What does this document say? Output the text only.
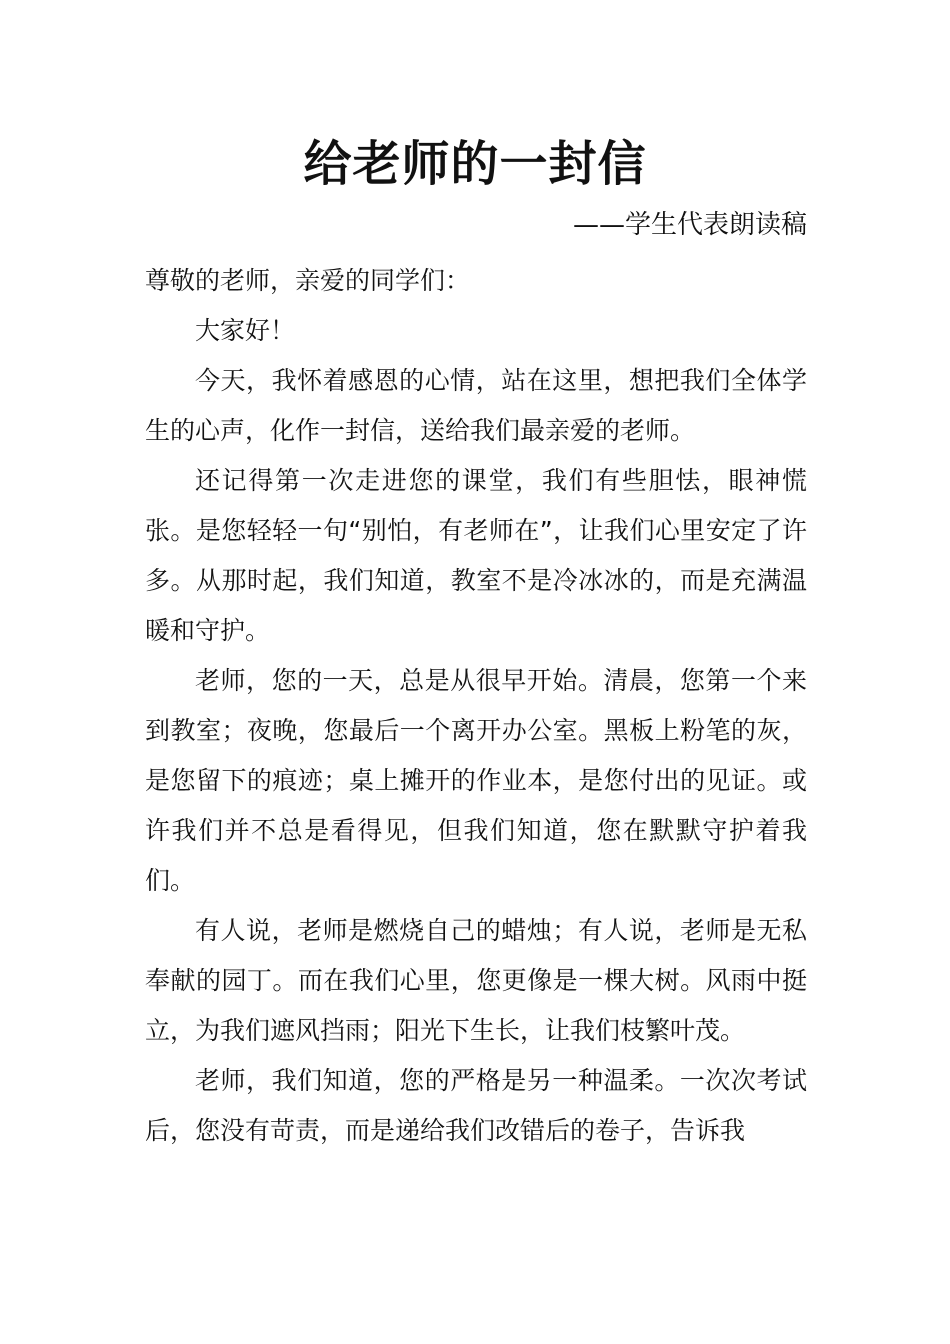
给老师的一封信
——学生代表朗读稿

尊敬的老师，亲爱的同学们：

大家好！

今天，我怀着感恩的心情，站在这里，想把我们全体学生的心声，化作一封信，送给我们最亲爱的老师。

还记得第一次走进您的课堂，我们有些胆怯，眼神慌张。是您轻轻一句“别怕，有老师在”，让我们心里安定了许多。从那时起，我们知道，教室不是冷冰冰的，而是充满温暖和守护。

老师，您的一天，总是从很早开始。清晨，您第一个来到教室；夜晚，您最后一个离开办公室。黑板上粉笔的灰，是您留下的痕迹；桌上摊开的作业本，是您付出的见证。或许我们并不总是看得见，但我们知道，您在默默守护着我们。

有人说，老师是燃烧自己的蜡烛；有人说，老师是无私奉献的园丁。而在我们心里，您更像是一棵大树。风雨中挺立，为我们遮风挡雨；阳光下生长，让我们枝繁叶茂。

老师，我们知道，您的严格是另一种温柔。一次次考试后，您没有苛责，而是递给我们改错后的卷子，告诉我
